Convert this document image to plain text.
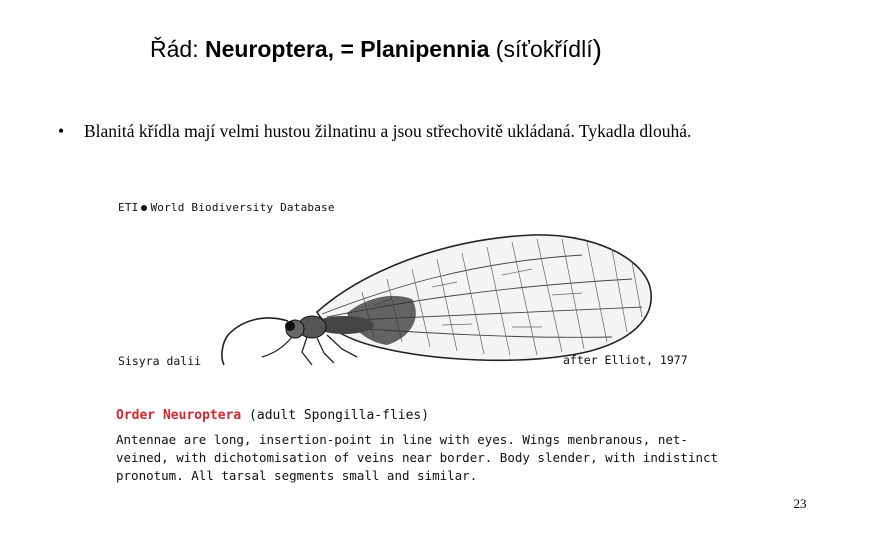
Řád: Neuroptera, = Planipennia (síťokřídlí)
• Blanitá křídla mají velmi hustou žilnatinu a jsou střechovitě ukládaná. Tykadla dlouhá.
ETI World Biodiversity Database
Sisyra dalii	after Elliot, 1977
Order Neuroptera (adult Spongilla-flies)
Antennae are long, insertion-point in line with eyes. Wings menbranous, net-
veined, with dichotomisation of veins near border. Body slender, with indistinct
pronotum. All tarsal segments small and similar.
23
